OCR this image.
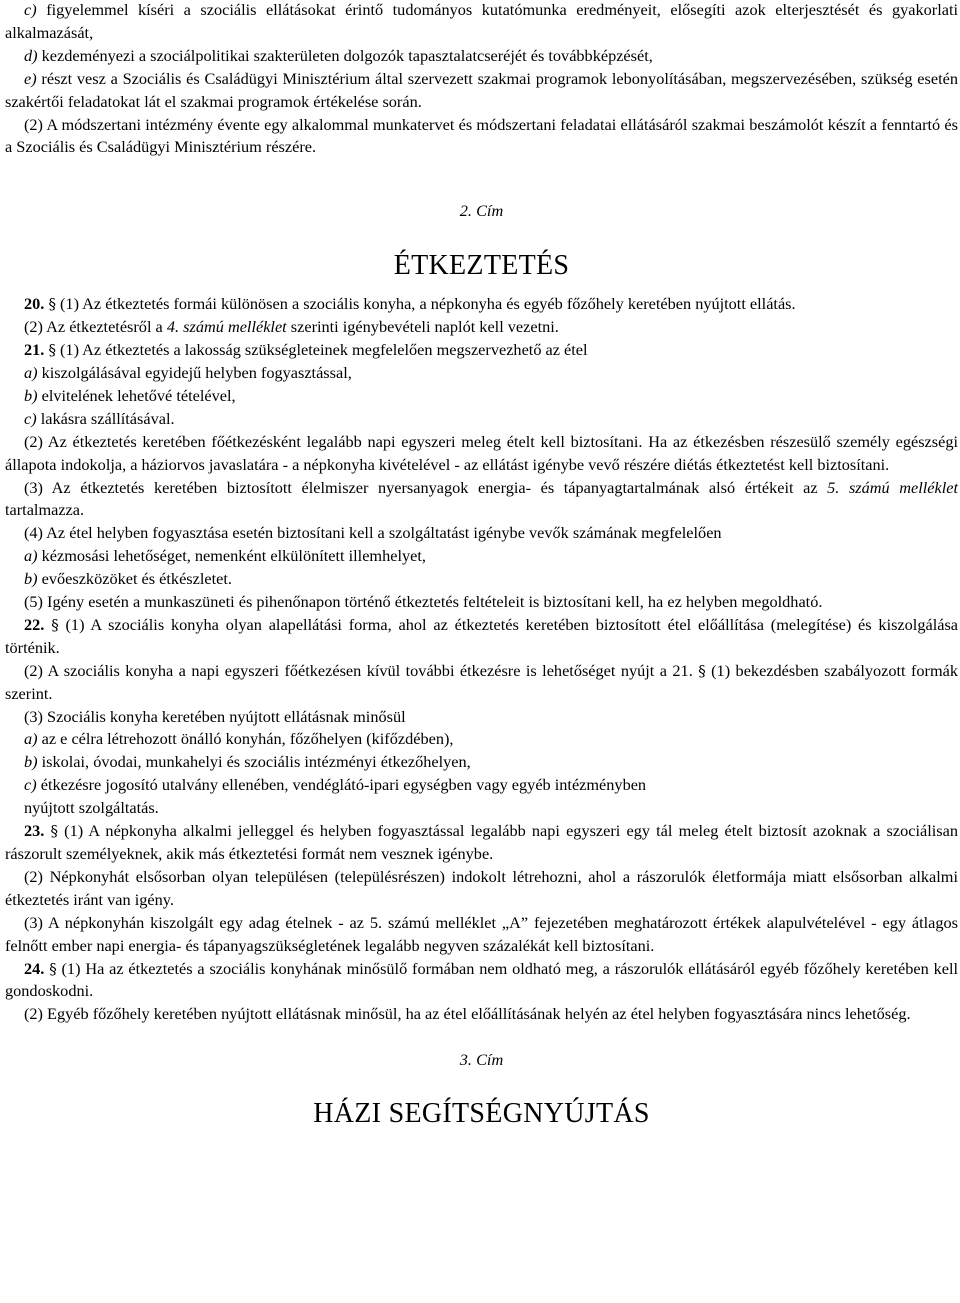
c) figyelemmel kíséri a szociális ellátásokat érintő tudományos kutatómunka eredményeit, elősegíti azok elterjesztését és gyakorlati alkalmazását,

d) kezdeményezi a szociálpolitikai szakterületen dolgozók tapasztalatcseréjét és továbbképzését,

e) részt vesz a Szociális és Családügyi Minisztérium által szervezett szakmai programok lebonyolításában, megszervezésében, szükség esetén szakértői feladatokat lát el szakmai programok értékelése során.

(2) A módszertani intézmény évente egy alkalommal munkatervet és módszertani feladatai ellátásáról szakmai beszámolót készít a fenntartó és a Szociális és Családügyi Minisztérium részére.

2. Cím

ÉTKEZTETÉS

20. § (1) Az étkeztetés formái különösen a szociális konyha, a népkonyha és egyéb főzőhely keretében nyújtott ellátás.

(2) Az étkeztetésről a 4. számú melléklet szerinti igénybevételi naplót kell vezetni.

21. § (1) Az étkeztetés a lakosság szükségleteinek megfelelően megszervezhető az étel

a) kiszolgálásával egyidejű helyben fogyasztással,

b) elvitelének lehetővé tételével,

c) lakásra szállításával.

(2) Az étkeztetés keretében főétkezésként legalább napi egyszeri meleg ételt kell biztosítani. Ha az étkezésben részesülő személy egészségi állapota indokolja, a háziorvos javaslatára - a népkonyha kivételével - az ellátást igénybe vevő részére diétás étkeztetést kell biztosítani.

(3) Az étkeztetés keretében biztosított élelmiszer nyersanyagok energia- és tápanyagtartalmának alsó értékeit az 5. számú melléklet tartalmazza.

(4) Az étel helyben fogyasztása esetén biztosítani kell a szolgáltatást igénybe vevők számának megfelelően

a) kézmosási lehetőséget, nemenként elkülönített illemhelyet,

b) evőeszközöket és étkészletet.

(5) Igény esetén a munkaszüneti és pihenőnapon történő étkeztetés feltételeit is biztosítani kell, ha ez helyben megoldható.

22. § (1) A szociális konyha olyan alapellátási forma, ahol az étkeztetés keretében biztosított étel előállítása (melegítése) és kiszolgálása történik.

(2) A szociális konyha a napi egyszeri főétkezésen kívül további étkezésre is lehetőséget nyújt a 21. § (1) bekezdésben szabályozott formák szerint.

(3) Szociális konyha keretében nyújtott ellátásnak minősül

a) az e célra létrehozott önálló konyhán, főzőhelyen (kifőzdében),

b) iskolai, óvodai, munkahelyi és szociális intézményi étkezőhelyen,

c) étkezésre jogosító utalvány ellenében, vendéglátó-ipari egységben vagy egyéb intézményben

nyújtott szolgáltatás.

23. § (1) A népkonyha alkalmi jelleggel és helyben fogyasztással legalább napi egyszeri egy tál meleg ételt biztosít azoknak a szociálisan rászorult személyeknek, akik más étkeztetési formát nem vesznek igénybe.

(2) Népkonyhát elsősorban olyan településen (településrészen) indokolt létrehozni, ahol a rászorulók életformája miatt elsősorban alkalmi étkeztetés iránt van igény.

(3) A népkonyhán kiszolgált egy adag ételnek - az 5. számú melléklet „A” fejezetében meghatározott értékek alapulvételével - egy átlagos felnőtt ember napi energia- és tápanyagszükségletének legalább negyven százalékát kell biztosítani.

24. § (1) Ha az étkeztetés a szociális konyhának minősülő formában nem oldható meg, a rászorulók ellátásáról egyéb főzőhely keretében kell gondoskodni.

(2) Egyéb főzőhely keretében nyújtott ellátásnak minősül, ha az étel előállításának helyén az étel helyben fogyasztására nincs lehetőség.

3. Cím

HÁZI SEGÍTSÉGNYÚJTÁS
